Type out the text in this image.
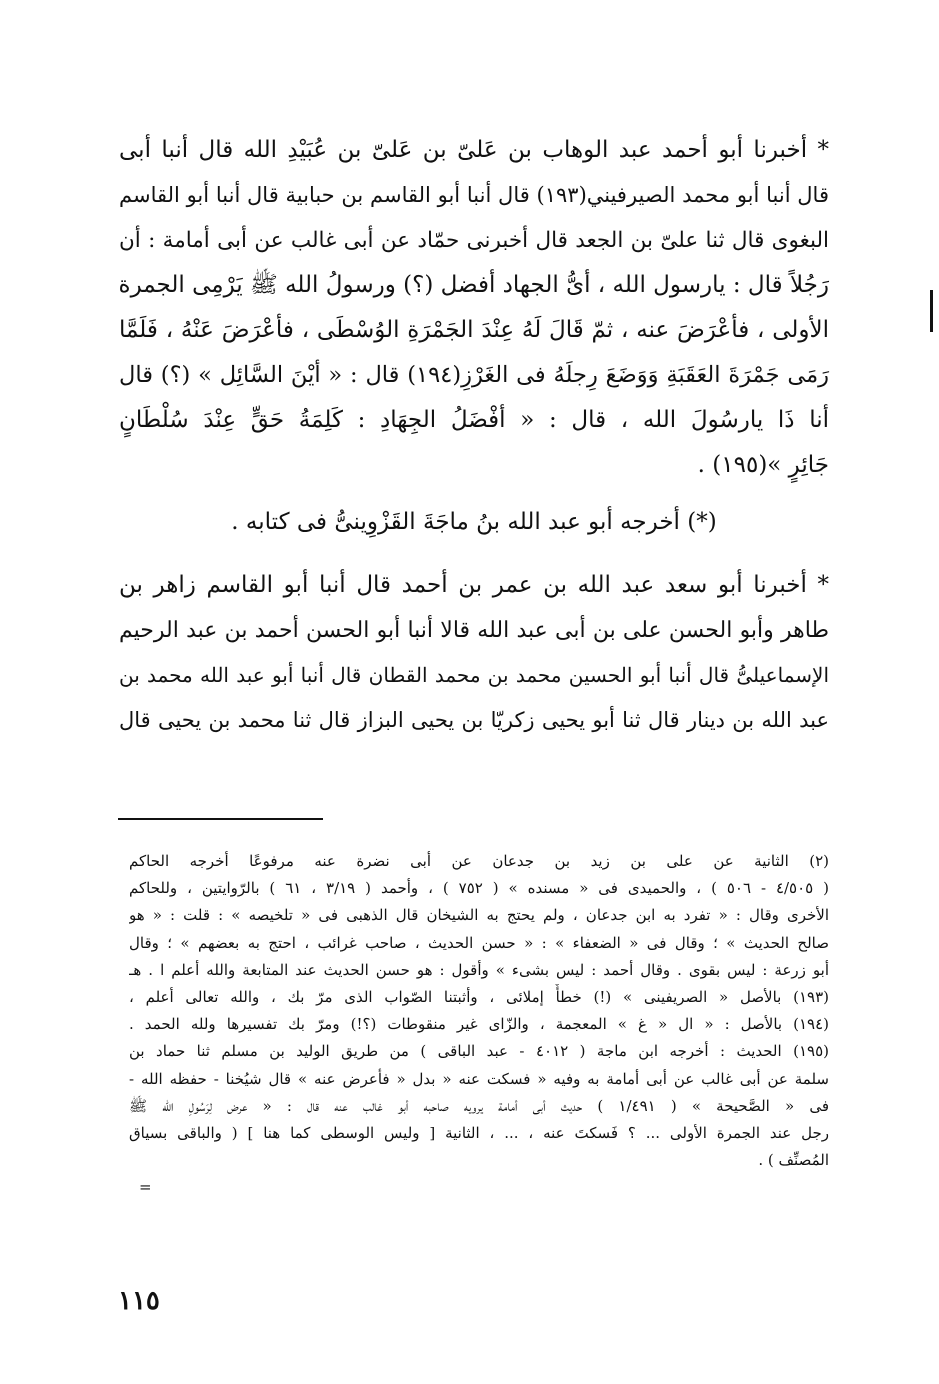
* أخبرنا أبو أحمد عبد الوهاب بن عَلىّ بن عَلىّ بن عُبَيْدِ الله قال أنبا أبى
قال أنبا أبو محمد الصيرفيني(١٩٣) قال أنبا أبو القاسم بن حبابية قال أنبا أبو القاسم
البغوى قال ثنا علىّ بن الجعد قال أخبرنى حمّاد عن أبى غالب عن أبى أمامة : أن
رَجُلاً قال : يارسول الله ، أىُّ الجهاد أفضل (؟) ورسولُ الله ﷺ يَرْمِى الجمرة
الأولى ، فأعْرَضَ عنه ، ثمّ قَالَ لَهُ عِنْدَ الجَمْرَةِ الوُسْطَى ، فأعْرَضَ عَنْهُ ، فَلَمَّا
رَمَى جَمْرَةَ العَقَبَةِ وَوَضَعَ رِجلَهُ فى الغَرْزِ(١٩٤) قال : « أيْنَ السَّائِل » (؟) قال
أنا ذَا يارسُولَ الله ، قال : « أفْضَلُ الجِهَادِ : كَلِمَةُ حَقٍّ عِنْدَ سُلْطَانٍ
جَائِرٍ »(١٩٥) .
(*) أخرجه أبو عبد الله بنُ ماجَةَ القَزْوِينىُّ فى كتابه .
* أخبرنا أبو سعد عبد الله بن عمر بن أحمد قال أنبا أبو القاسم زاهر بن
طاهر وأبو الحسن على بن أبى عبد الله قالا أنبا أبو الحسن أحمد بن عبد الرحيم
الإسماعيلىُّ قال أنبا أبو الحسين محمد بن محمد القطان قال أنبا أبو عبد الله محمد بن
عبد الله بن دينار قال ثنا أبو يحيى زكريّا بن يحيى البزاز قال ثنا محمد بن يحيى قال
(٢) الثانية عن على بن زيد بن جدعان عن أبى نضرة عنه مرفوعًا أخرجه الحاكم
( ٤/٥٠٥ - ٥٠٦ ) ، والحميدى فى « مسنده » ( ٧٥٢ ) ، وأحمد ( ٣/١٩ ، ٦١ ) بالرّوايتين ، وللحاكم
الأخرى وقال : « تفرد به ابن جدعان ، ولم يحتج به الشيخان قال الذهبى فى « تلخيصه » : قلت : « هو
صالح الحديث » ؛ وقال فى « الضعفاء » : « حسن الحديث ، صاحب غرائب ، احتج به بعضهم » ؛ وقال
أبو زرعة : ليس بقوى . وقال أحمد : ليس بشىء » وأقول : هو حسن الحديث عند المتابعة والله أعلم ا . هـ
(١٩٣) بالأصل « الصريفينى » (!) خطأٌ إملائى ، وأثبتنا الصّواب الذى مرّ بك ، والله تعالى أعلم ،
(١٩٤) بالأصل : « ال « غ » المعجمة ، والزّاى غير منقوطات (؟!) ومرّ بك تفسيرها ولله الحمد .
(١٩٥) الحديث : أخرجه ابن ماجة ( ٤٠١٢ - عبد الباقى ) من طريق الوليد بن مسلم ثنا حماد بن
سلمة عن أبى غالب عن أبى أمامة به وفيه « فسكت عنه « بدل « فأعرض عنه » قال شيُخنا - حفظه الله -
فى « الصَّحيحة » ( ١/٤٩١ ) حديث أبى أمامة يرويه صاحبه أبو غالب عنه قال : « عرض لِرَسُولِ الله ﷺ
رجل عند الجمرة الأولى ... ؟ فَسكتَ عنه ، ... ، الثانية [ وليس الوسطى كما هنا ] ( والباقى بسياق
المُصنِّف ) .
=
١١٥
